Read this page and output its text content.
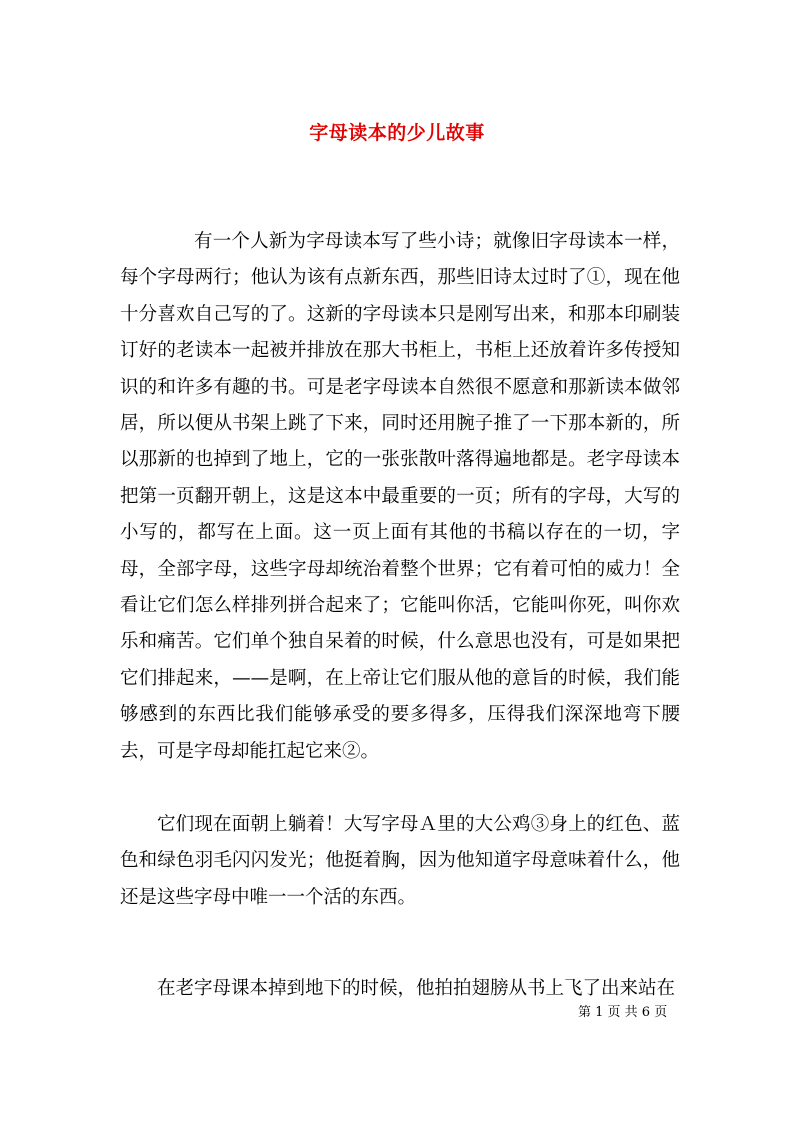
字母读本的少儿故事

有一个人新为字母读本写了些小诗；就像旧字母读本一样，每个字母两行；他认为该有点新东西，那些旧诗太过时了①，现在他十分喜欢自己写的了。这新的字母读本只是刚写出来，和那本印刷装订好的老读本一起被并排放在那大书柜上，书柜上还放着许多传授知识的和许多有趣的书。可是老字母读本自然很不愿意和那新读本做邻居，所以便从书架上跳了下来，同时还用腕子推了一下那本新的，所以那新的也掉到了地上，它的一张张散叶落得遍地都是。老字母读本把第一页翻开朝上，这是这本中最重要的一页；所有的字母，大写的小写的，都写在上面。这一页上面有其他的书稿以存在的一切，字母，全部字母，这些字母却统治着整个世界；它有着可怕的威力！全看让它们怎么样排列拼合起来了；它能叫你活，它能叫你死，叫你欢乐和痛苦。它们单个独自呆着的时候，什么意思也没有，可是如果把它们排起来，——是啊，在上帝让它们服从他的意旨的时候，我们能够感到的东西比我们能够承受的要多得多，压得我们深深地弯下腰去，可是字母却能扛起它来②。

它们现在面朝上躺着！大写字母Ａ里的大公鸡③身上的红色、蓝色和绿色羽毛闪闪发光；他挺着胸，因为他知道字母意味着什么，他还是这些字母中唯一一个活的东西。

在老字母课本掉到地下的时候，他拍拍翅膀从书上飞了出来站在

第 1 页 共 6 页
